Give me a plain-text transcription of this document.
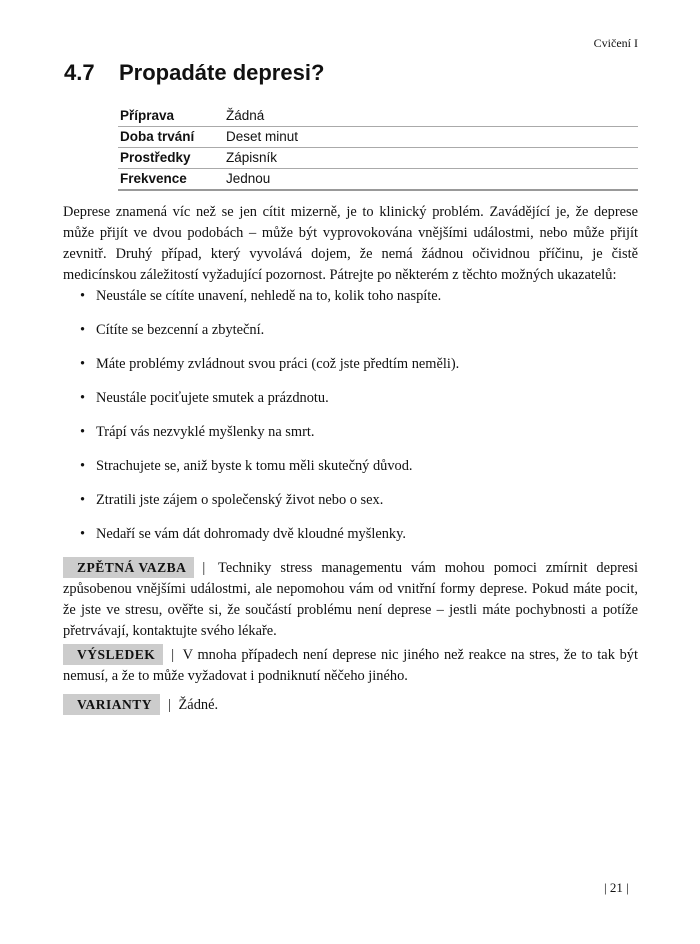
Cvičení I
4.7 Propadáte depresi?
Příprava	Žádná
Doba trvání	Deset minut
Prostředky	Zápisník
Frekvence	Jednou
Deprese znamená víc než se jen cítit mizerně, je to klinický problém. Zavádějící je, že deprese může přijít ve dvou podobách – může být vyprovokována vnějšími událostmi, nebo může přijít zevnitř. Druhý případ, který vyvolává dojem, že nemá žádnou očividnou příčinu, je čistě medicínskou záležitostí vyžadující pozornost. Pátrejte po některém z těchto možných ukazatelů:
• Neustále se cítíte unavení, nehledě na to, kolik toho naspíte.
• Cítíte se bezcenní a zbyteční.
• Máte problémy zvládnout svou práci (což jste předtím neměli).
• Neustále pociťujete smutek a prázdnotu.
• Trápí vás nezvyklé myšlenky na smrt.
• Strachujete se, aniž byste k tomu měli skutečný důvod.
• Ztratili jste zájem o společenský život nebo o sex.
• Nedaří se vám dát dohromady dvě kloudné myšlenky.
ZPĚTNÁ VAZBA | Techniky stress managementu vám mohou pomoci zmírnit depresi způsobenou vnějšími událostmi, ale nepomohou vám od vnitřní formy deprese. Pokud máte pocit, že jste ve stresu, ověřte si, že součástí problému není deprese – jestli máte pochybnosti a potíže přetrvávají, kontaktujte svého lékaře.
VÝSLEDEK | V mnoha případech není deprese nic jiného než reakce na stres, že to tak být nemusí, a že to může vyžadovat i podniknutí něčeho jiného.
VARIANTY | Žádné.
| 21 |
